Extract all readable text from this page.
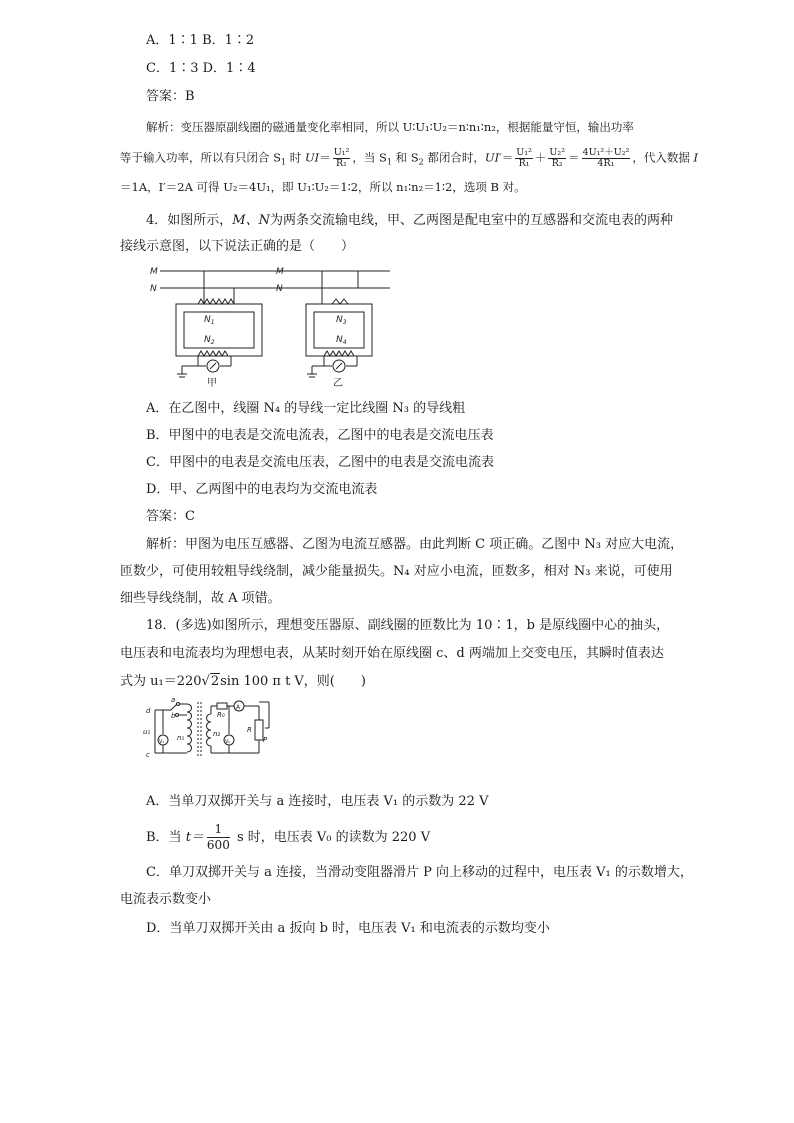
A．1∶1 B．1∶2
C．1∶3 D．1∶4
答案：B
解析：变压器原副线圈的磁通量变化率相同，所以 U∶U₁∶U₂＝n∶n₁∶n₂，根据能量守恒，输出功率
等于输入功率，所以有只闭合 $S_1$ 时 $UI= \frac{\text{U₁²}}{\text{R₁}}$ ，当 $S_1$ 和 $S_2$ 都闭合时，$UI'= \frac{\text{U₁²}}{\text{R₁}} + \frac{\text{U₂²}}{\text{R₂}} = \frac{\text{4U₁²＋U₂²}}{\text{4R₁}}$ ，代入数据 I
＝1A，I′＝2A 可得 U₂＝4U₁，即 U₁∶U₂＝1∶2，所以 n₁∶n₂＝1∶2，选项 B 对。
4．如图所示，M、N为两条交流输电线，甲、乙两图是配电室中的互感器和交流电表的两种
接线示意图，以下说法正确的是（　　）
M
N
M
N
$N_1$
$N_2$
$N_3$
$N_4$
甲	乙
A．在乙图中，线圈 N₄ 的导线一定比线圈 N₃ 的导线粗
B．甲图中的电表是交流电流表，乙图中的电表是交流电压表
C．甲图中的电表是交流电压表，乙图中的电表是交流电流表
D．甲、乙两图中的电表均为交流电流表
答案：C
解析：甲图为电压互感器、乙图为电流互感器。由此判断 C 项正确。乙图中 N₃ 对应大电流，
匝数少，可使用较粗导线绕制，减少能量损失。N₄ 对应小电流，匝数多，相对 N₃ 来说，可使用
细些导线绕制，故 A 项错。
18．(多选)如图所示，理想变压器原、副线圈的匝数比为 10∶1，b 是原线圈中心的抽头，
电压表和电流表均为理想电表，从某时刻开始在原线圈 c、d 两端加上交变电压，其瞬时值表达
式为 u₁＝220√2sin 100 π t V，则(　　)
a
b
d
c
u₁
n₁	n₂
V₁	V₀
R₀
A
R
P
A．当单刀双掷开关与 a 连接时，电压表 V₁ 的示数为 22 V
B．当 $t= \frac{1}{600}$ s 时，电压表 V₀ 的读数为 220 V
C．单刀双掷开关与 a 连接，当滑动变阻器滑片 P 向上移动的过程中，电压表 V₁ 的示数增大，
电流表示数变小
D．当单刀双掷开关由 a 扳向 b 时，电压表 V₁ 和电流表的示数均变小
